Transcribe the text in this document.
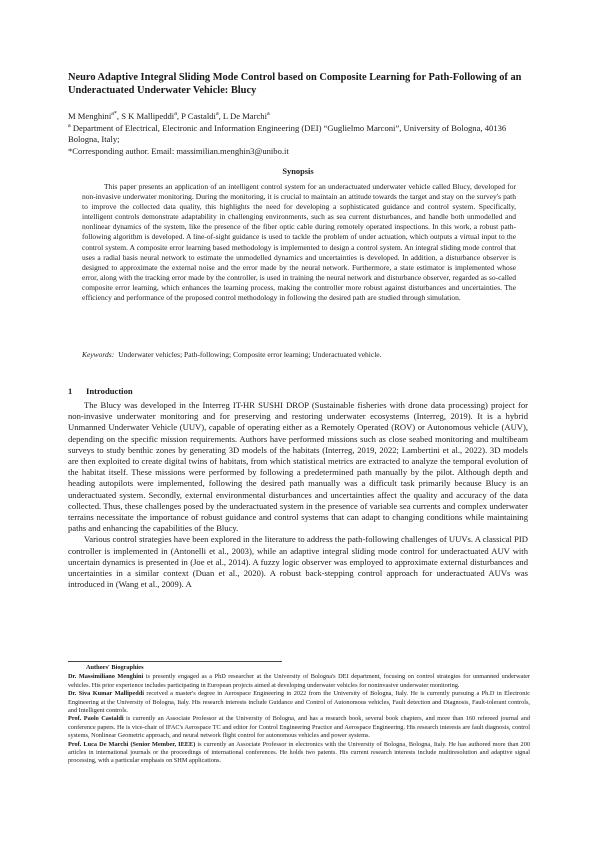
Neuro Adaptive Integral Sliding Mode Control based on Composite Learning for Path-Following of an Underactuated Underwater Vehicle: Blucy
M Menghini$^{a*}$, S K Mallipeddi$^a$, P Castaldi$^a$, L De Marchi$^a$
$^a$ Department of Electrical, Electronic and Information Engineering (DEI) “Guglielmo Marconi”, University of Bologna, 40136 Bologna, Italy;
*Corresponding author. Email: massimilian.menghin3@unibo.it
Synopsis

This paper presents an application of an intelligent control system for an underactuated underwater vehicle called Blucy, developed for non-invasive underwater monitoring. During the monitoring, it is crucial to maintain an attitude towards the target and stay on the survey's path to improve the collected data quality, this highlights the need for developing a sophisticated guidance and control system. Specifically, intelligent controls demonstrate adaptability in challenging environments, such as sea current disturbances, and handle both unmodelled and nonlinear dynamics of the system, like the presence of the fiber optic cable during remotely operated inspections. In this work, a robust path-following algorithm is developed. A line-of-sight guidance is used to tackle the problem of under actuation, which outputs a virtual input to the control system. A composite error learning based methodology is implemented to design a control system. An integral sliding mode control that uses a radial basis neural network to estimate the unmodelled dynamics and uncertainties is developed. In addition, a disturbance observer is designed to approximate the external noise and the error made by the neural network. Furthermore, a state estimator is implemented whose error, along with the tracking error made by the controller, is used in training the neural network and disturbance observer, regarded as so-called composite error learning, which enhances the learning process, making the controller more robust against disturbances and uncertainties. The efficiency and performance of the proposed control methodology in following the desired path are studied through simulation.

Keywords: Underwater vehicles; Path-following; Composite error learning; Underactuated vehicle.
1 Introduction

The Blucy was developed in the Interreg IT-HR SUSHI DROP (Sustainable fisheries with drone data processing) project for non-invasive underwater monitoring and for preserving and restoring underwater ecosystems (Interreg, 2019). It is a hybrid Unmanned Underwater Vehicle (UUV), capable of operating either as a Remotely Operated (ROV) or Autonomous vehicle (AUV), depending on the specific mission requirements. Authors have performed missions such as close seabed monitoring and multibeam surveys to study benthic zones by generating 3D models of the habitats (Interreg, 2019, 2022; Lambertini et al., 2022). 3D models are then exploited to create digital twins of habitats, from which statistical metrics are extracted to analyze the temporal evolution of the habitat itself. These missions were performed by following a predetermined path manually by the pilot. Although depth and heading autopilots were implemented, following the desired path manually was a difficult task primarily because Blucy is an underactuated system. Secondly, external environmental disturbances and uncertainties affect the quality and accuracy of the data collected. Thus, these challenges posed by the underactuated system in the presence of variable sea currents and complex underwater terrains necessitate the importance of robust guidance and control systems that can adapt to changing conditions while maintaining paths and enhancing the capabilities of the Blucy.

Various control strategies have been explored in the literature to address the path-following challenges of UUVs. A classical PID controller is implemented in (Antonelli et al., 2003), while an adaptive integral sliding mode control for underactuated AUV with uncertain dynamics is presented in (Joe et al., 2014). A fuzzy logic observer was employed to approximate external disturbances and uncertainties in a similar context (Duan et al., 2020). A robust back-stepping control approach for underactuated AUVs was introduced in (Wang et al., 2009). A

Authors' Biographies

Dr. Massimiliano Menghini is presently engaged as a PhD researcher at the University of Bologna's DEI department, focusing on control strategies for unmanned underwater vehicles. His prior experience includes participating in European projects aimed at developing underwater vehicles for noninvasive underwater monitoring.

Dr. Siva Kumar Mallipeddi received a master's degree in Aerospace Engineering in 2022 from the University of Bologna, Italy. He is currently pursuing a Ph.D in Electronic Engineering at the University of Bologna, Italy. His research interests include Guidance and Control of Autonomous vehicles, Fault detection and Diagnosis, Fault-tolerant controls, and Intelligent controls.

Prof. Paolo Castaldi is currently an Associate Professor at the University of Bologna, and has a research book, several book chapters, and more than 160 refereed journal and conference papers. He is vice-chair of IFAC's Aerospace TC and editor for Control Engineering Practice and Aerospace Engineering. His research interests are fault diagnosis, control systems, Nonlinear Geometric approach, and neural network flight control for autonomous vehicles and power systems.

Prof. Luca De Marchi (Senior Member, IEEE) is currently an Associate Professor in electronics with the University of Bologna, Bologna, Italy. He has authored more than 200 articles in international journals or the proceedings of international conferences. He holds two patents. His current research interests include multiresolution and adaptive signal processing, with a particular emphasis on SHM applications.
